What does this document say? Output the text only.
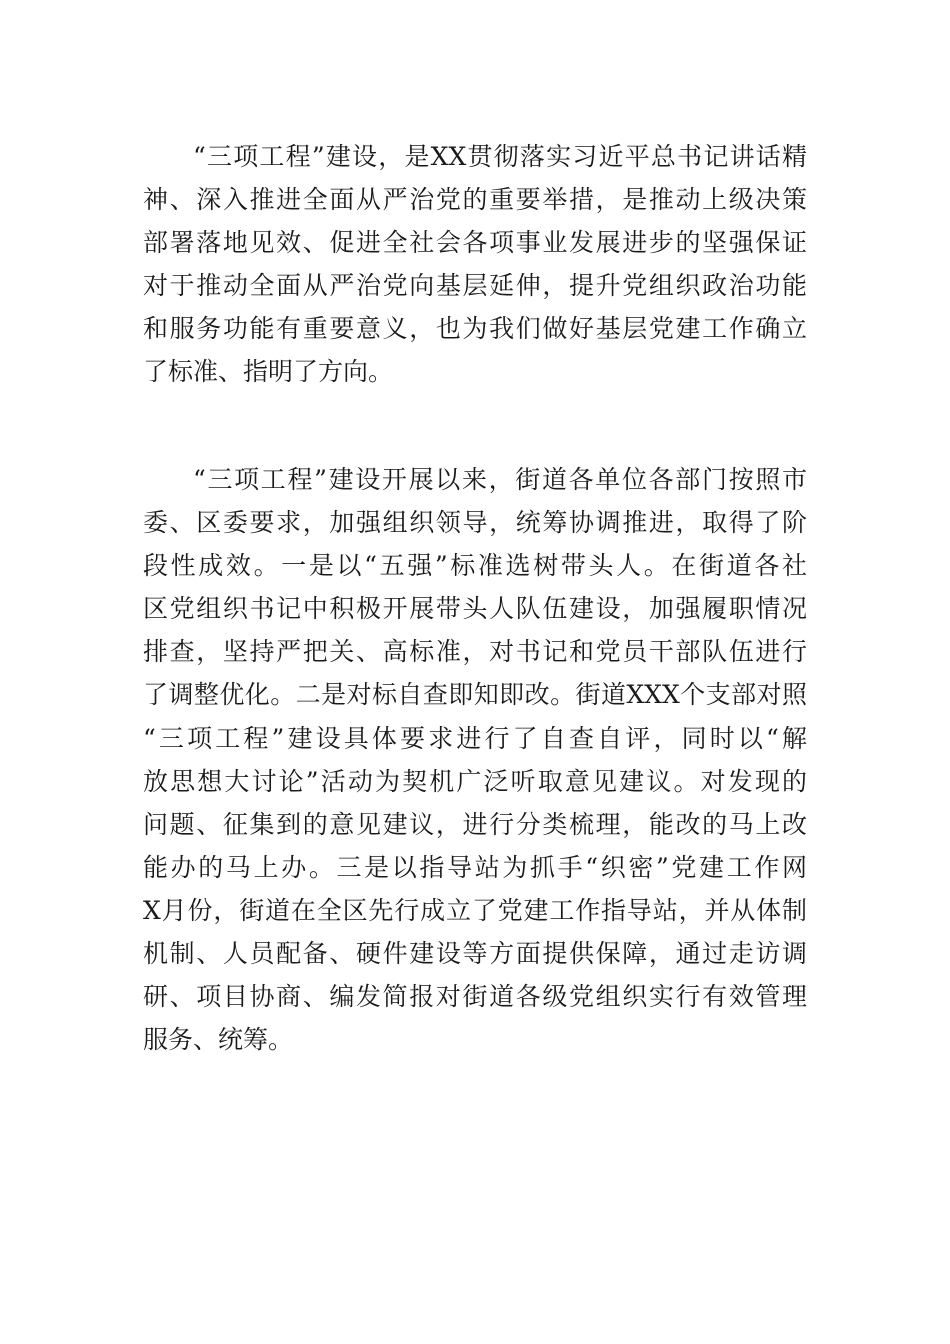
“三项工程”建设，是XX贯彻落实习近平总书记讲话精
神、深入推进全面从严治党的重要举措，是推动上级决策
部署落地见效、促进全社会各项事业发展进步的坚强保证
对于推动全面从严治党向基层延伸，提升党组织政治功能
和服务功能有重要意义，也为我们做好基层党建工作确立
了标准、指明了方向。
“三项工程”建设开展以来，街道各单位各部门按照市
委、区委要求，加强组织领导，统筹协调推进，取得了阶
段性成效。一是以“五强”标准选树带头人。在街道各社
区党组织书记中积极开展带头人队伍建设，加强履职情况
排查，坚持严把关、高标准，对书记和党员干部队伍进行
了调整优化。二是对标自查即知即改。街道XXX个支部对照
“三项工程”建设具体要求进行了自查自评，同时以“解
放思想大讨论”活动为契机广泛听取意见建议。对发现的
问题、征集到的意见建议，进行分类梳理，能改的马上改
能办的马上办。三是以指导站为抓手“织密”党建工作网
X月份，街道在全区先行成立了党建工作指导站，并从体制
机制、人员配备、硬件建设等方面提供保障，通过走访调
研、项目协商、编发简报对街道各级党组织实行有效管理
服务、统筹。
